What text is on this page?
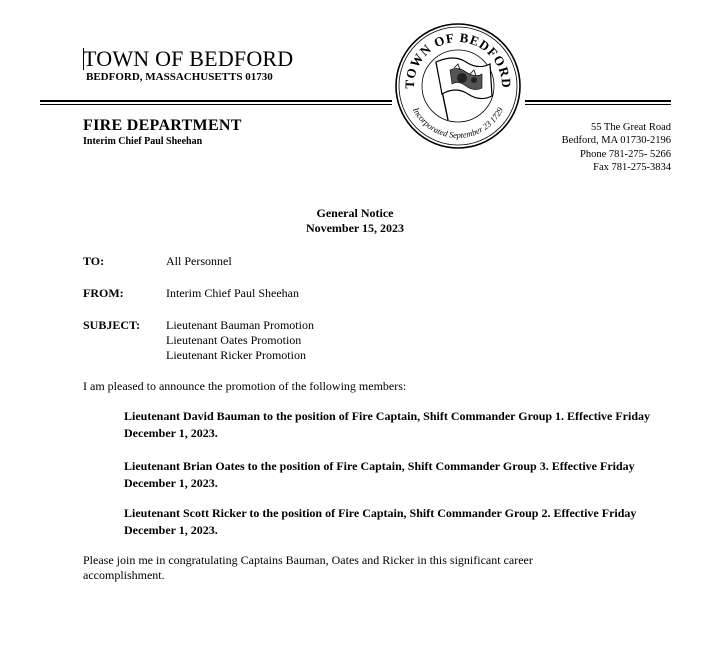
TOWN OF BEDFORD
BEDFORD, MASSACHUSETTS 01730
TOWN OF BEDFORD
Incorporated September 23 1729
FIRE DEPARTMENT
Interim Chief Paul Sheehan
55 The Great Road
Bedford, MA 01730-2196
Phone 781-275- 5266
Fax 781-275-3834
General Notice
November 15, 2023
TO:	All Personnel
FROM:	Interim Chief Paul Sheehan
SUBJECT: Lieutenant Bauman Promotion
Lieutenant Oates Promotion
Lieutenant Ricker Promotion
I am pleased to announce the promotion of the following members:
Lieutenant David Bauman to the position of Fire Captain, Shift Commander Group 1. Effective Friday December 1, 2023.
Lieutenant Brian Oates to the position of Fire Captain, Shift Commander Group 3. Effective Friday December 1, 2023.
Lieutenant Scott Ricker to the position of Fire Captain, Shift Commander Group 2. Effective Friday December 1, 2023.
Please join me in congratulating Captains Bauman, Oates and Ricker in this significant career accomplishment.
